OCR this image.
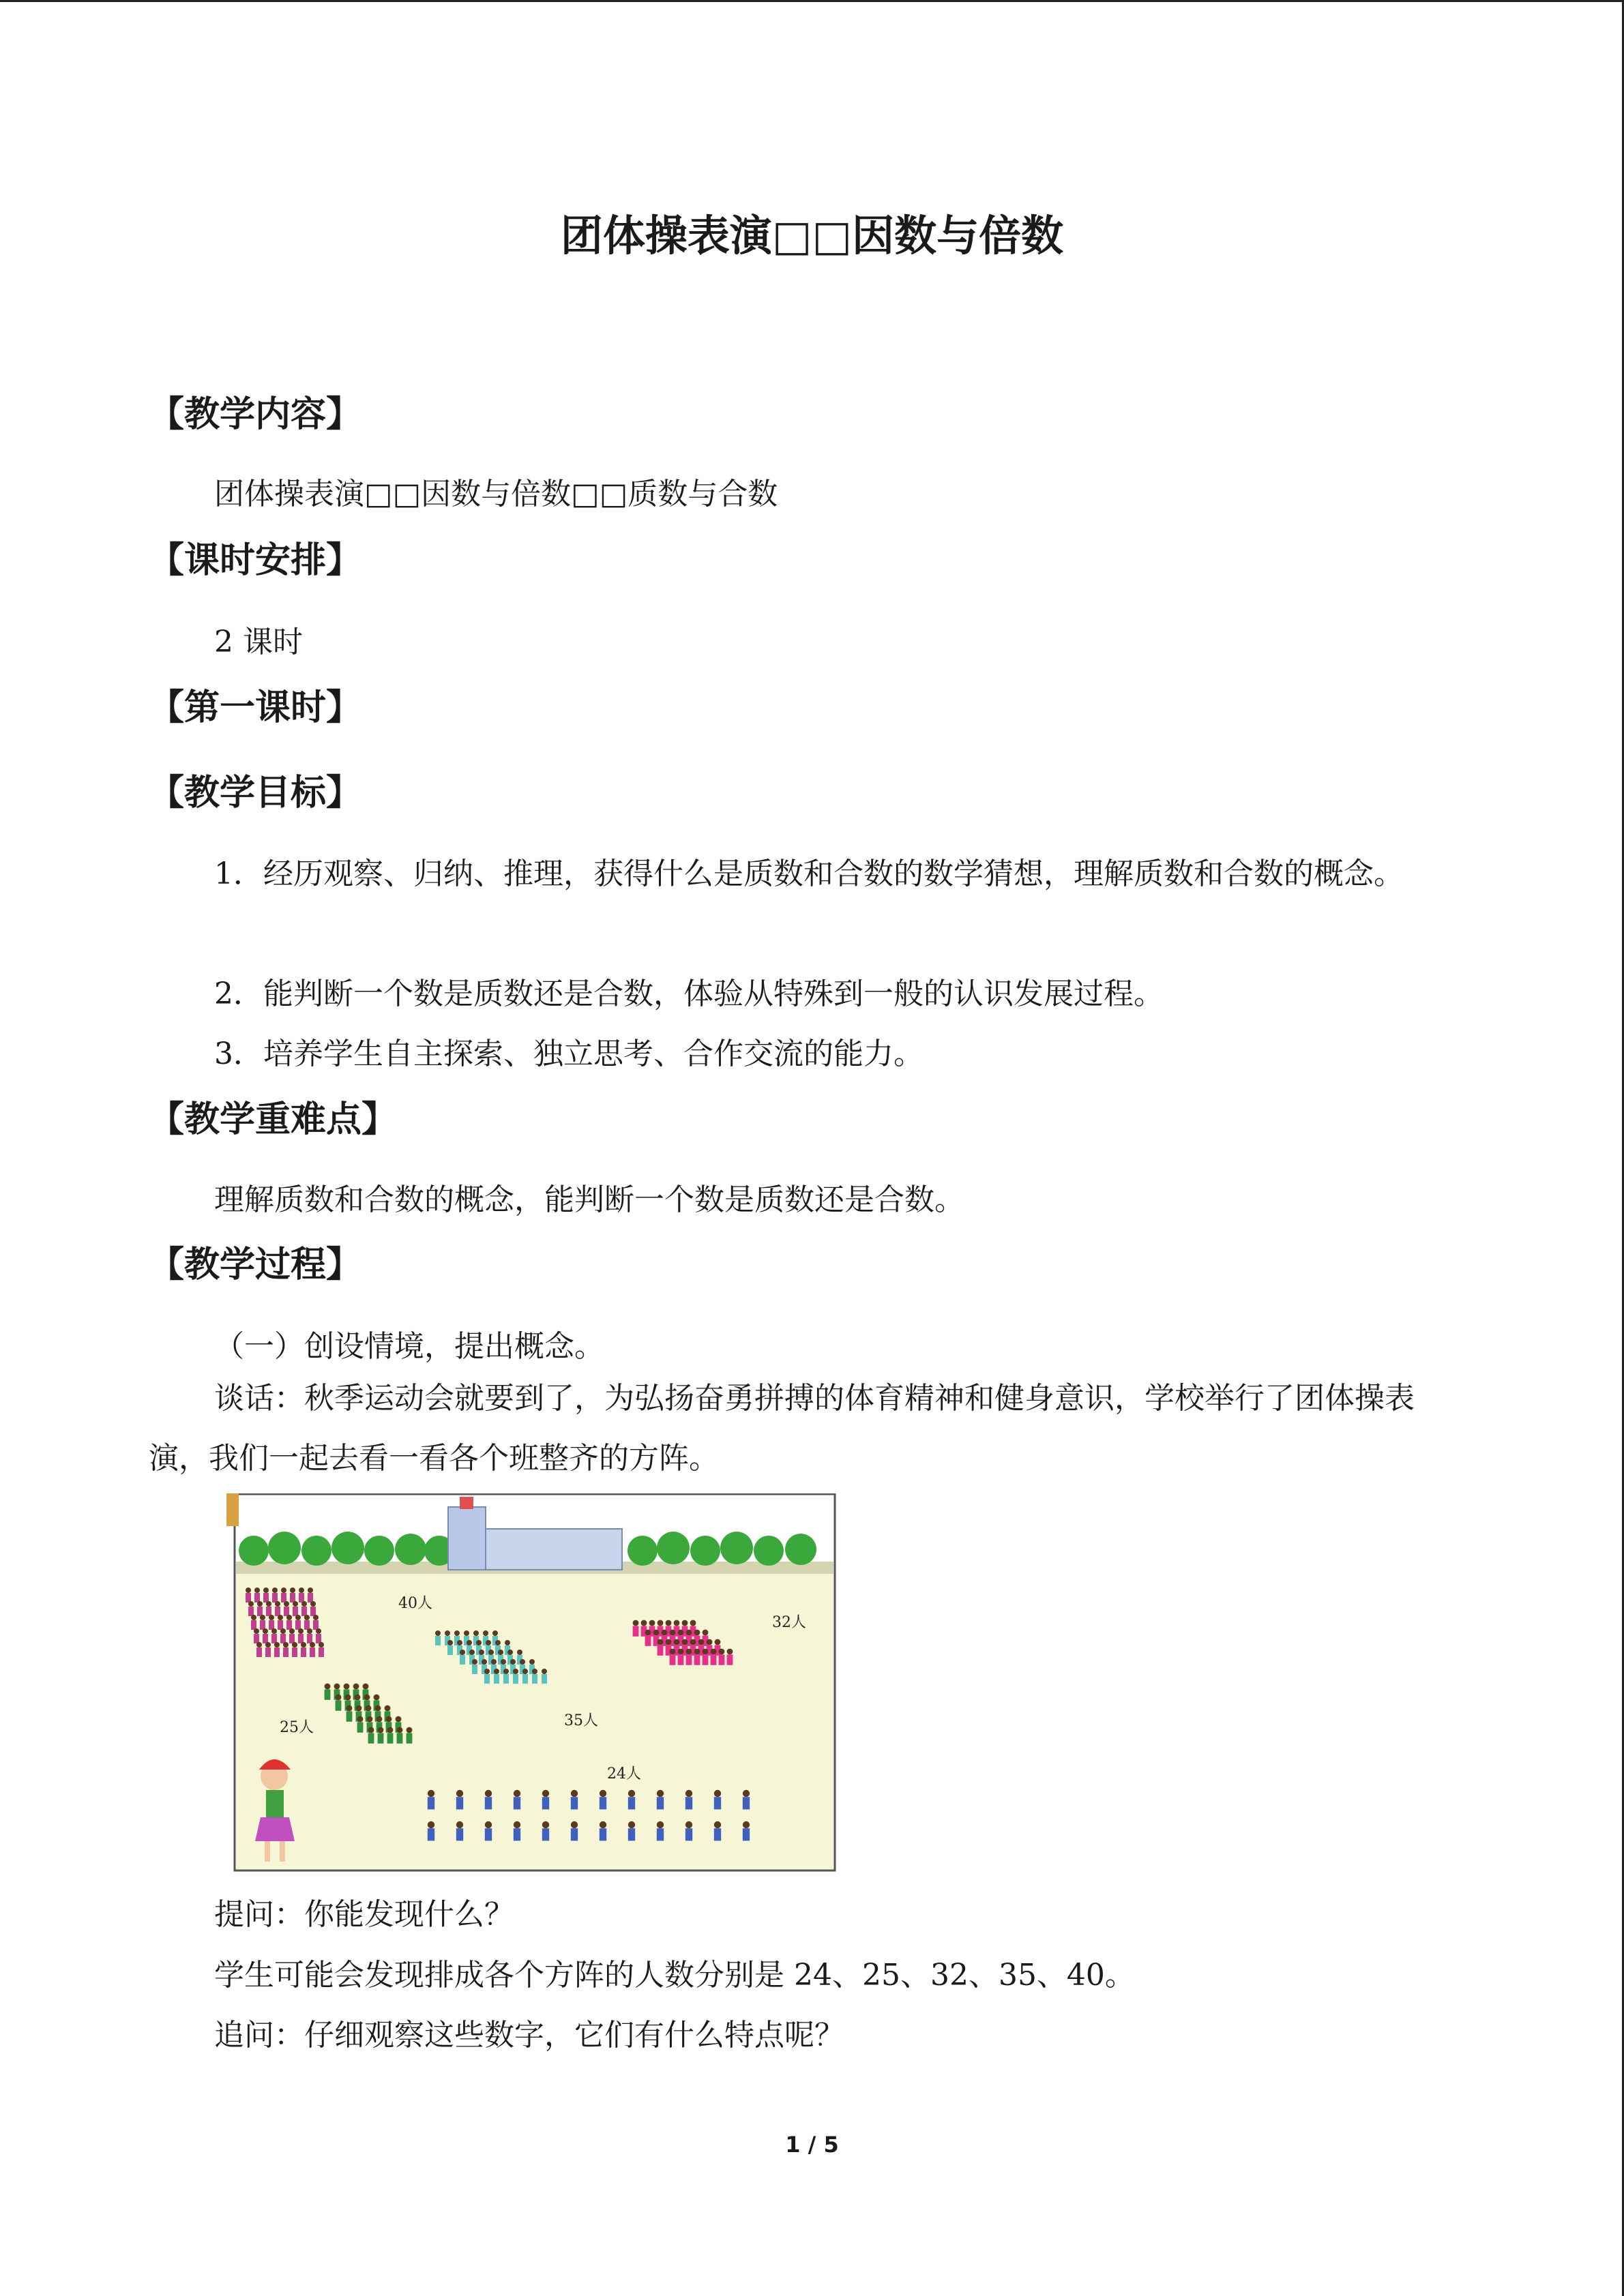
团体操表演□□因数与倍数
【教学内容】

团体操表演□□因数与倍数□□质数与合数

【课时安排】

2 课时

【第一课时】
【教学目标】

1．经历观察、归纳、推理，获得什么是质数和合数的数学猜想，理解质数和合数的概念。

2．能判断一个数是质数还是合数，体验从特殊到一般的认识发展过程。

3．培养学生自主探索、独立思考、合作交流的能力。

【教学重难点】

理解质数和合数的概念，能判断一个数是质数还是合数。

【教学过程】

（一）创设情境，提出概念。

谈话：秋季运动会就要到了，为弘扬奋勇拼搏的体育精神和健身意识，学校举行了团体操表演，我们一起去看一看各个班整齐的方阵。

40人
32人
35人
25人
24人

提问：你能发现什么？

学生可能会发现排成各个方阵的人数分别是 24、25、32、35、40。

追问：仔细观察这些数字，它们有什么特点呢？

1 / 5
